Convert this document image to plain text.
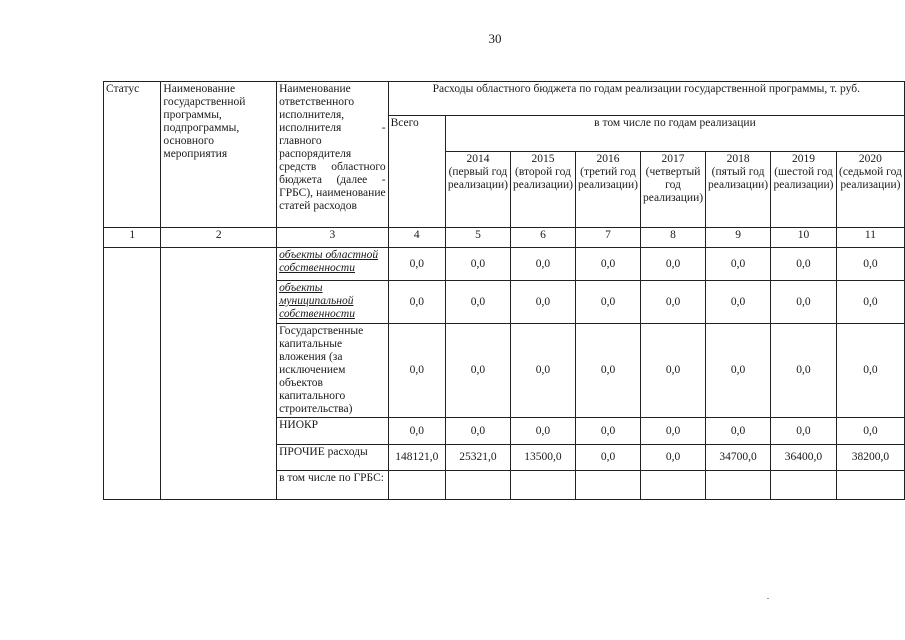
30
Статус	Наименование государственной программы, подпрограммы, основного мероприятия	Наименование ответственного исполнителя, исполнителя - главного распорядителя средств областного бюджета (далее - ГРБС), наименование статей расходов	Расходы областного бюджета по годам реализации государственной программы, т. руб.							
			Всего	в том числе по годам реализации						
				2014 (первый год реализации)	2015 (второй год реализации)	2016 (третий год реализации)	2017 (четвертый год реализации)	2018 (пятый год реализации)	2019 (шестой год реализации)	2020 (седьмой год реализации)
1	2	3	4	5	6	7	8	9	10	11
		объекты областной собственности	0,0	0,0	0,0	0,0	0,0	0,0	0,0	0,0
		объекты муниципальной собственности	0,0	0,0	0,0	0,0	0,0	0,0	0,0	0,0
		Государственные капитальные вложения (за исключением объектов капитального строительства)	0,0	0,0	0,0	0,0	0,0	0,0	0,0	0,0
		НИОКР	0,0	0,0	0,0	0,0	0,0	0,0	0,0	0,0
		ПРОЧИЕ расходы	148121,0	25321,0	13500,0	0,0	0,0	34700,0	36400,0	38200,0
		в том числе по ГРБС:								
